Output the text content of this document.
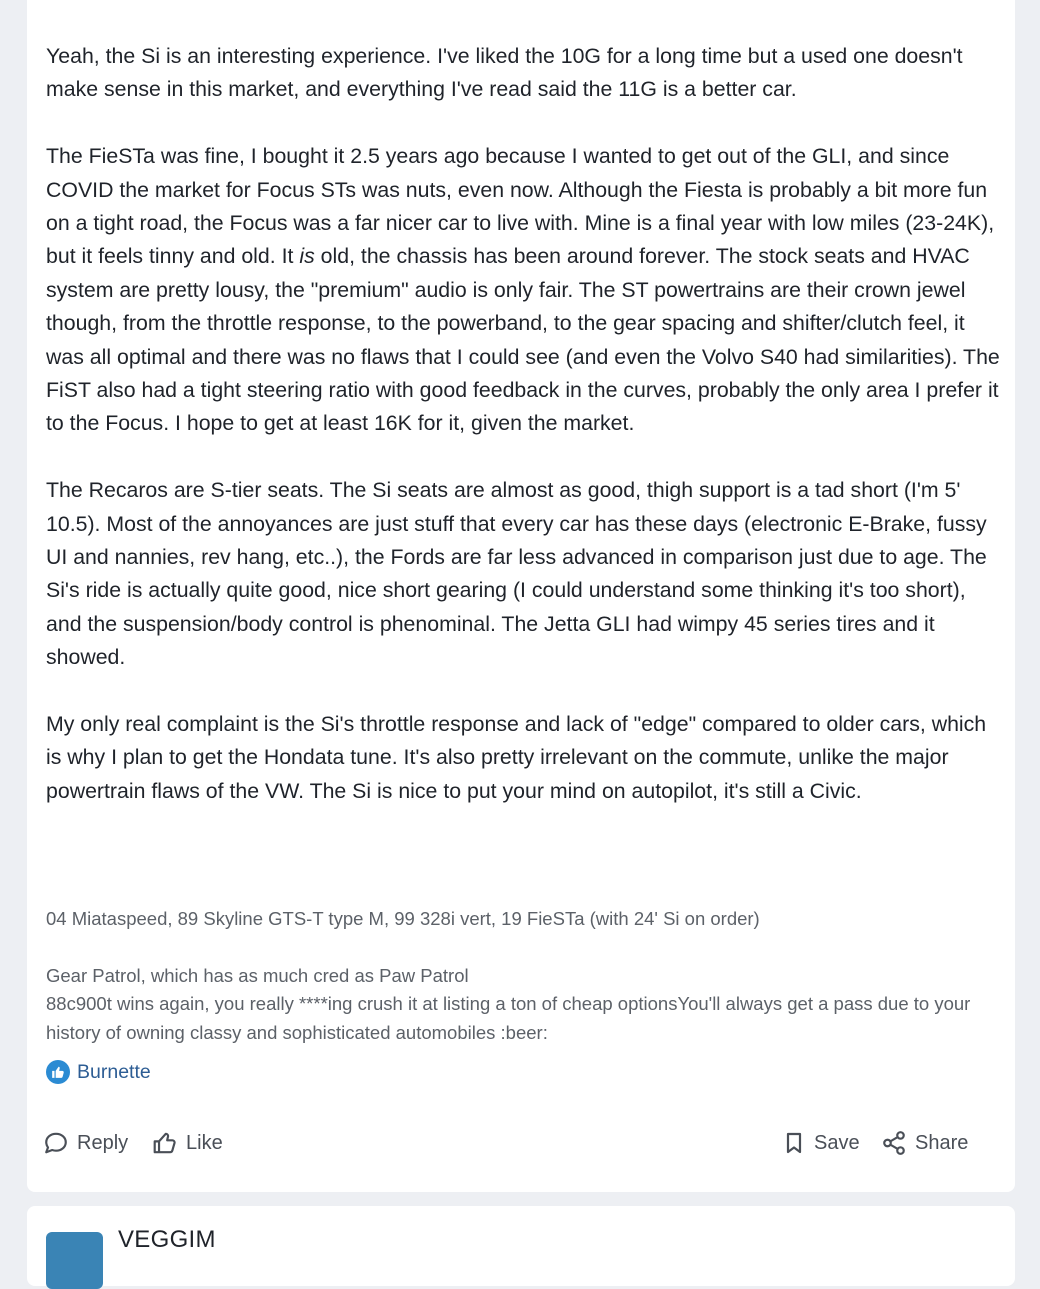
Yeah, the Si is an interesting experience. I've liked the 10G for a long time but a used one doesn't make sense in this market, and everything I've read said the 11G is a better car.

The FieSTa was fine, I bought it 2.5 years ago because I wanted to get out of the GLI, and since COVID the market for Focus STs was nuts, even now. Although the Fiesta is probably a bit more fun on a tight road, the Focus was a far nicer car to live with. Mine is a final year with low miles (23-24K), but it feels tinny and old. It is old, the chassis has been around forever. The stock seats and HVAC system are pretty lousy, the "premium" audio is only fair. The ST powertrains are their crown jewel though, from the throttle response, to the powerband, to the gear spacing and shifter/clutch feel, it was all optimal and there was no flaws that I could see (and even the Volvo S40 had similarities). The FiST also had a tight steering ratio with good feedback in the curves, probably the only area I prefer it to the Focus. I hope to get at least 16K for it, given the market.

The Recaros are S-tier seats. The Si seats are almost as good, thigh support is a tad short (I'm 5' 10.5). Most of the annoyances are just stuff that every car has these days (electronic E-Brake, fussy UI and nannies, rev hang, etc..), the Fords are far less advanced in comparison just due to age. The Si's ride is actually quite good, nice short gearing (I could understand some thinking it's too short), and the suspension/body control is phenominal. The Jetta GLI had wimpy 45 series tires and it showed.

My only real complaint is the Si's throttle response and lack of "edge" compared to older cars, which is why I plan to get the Hondata tune. It's also pretty irrelevant on the commute, unlike the major powertrain flaws of the VW. The Si is nice to put your mind on autopilot, it's still a Civic.

04 Miataspeed, 89 Skyline GTS-T type M, 99 328i vert, 19 FieSTa (with 24' Si on order)
Gear Patrol, which has as much cred as Paw Patrol
88c900t wins again, you really ****ing crush it at listing a ton of cheap optionsYou'll always get a pass due to your history of owning classy and sophisticated automobiles :beer:
Burnette
Reply	Like	Save	Share
VEGGIM
